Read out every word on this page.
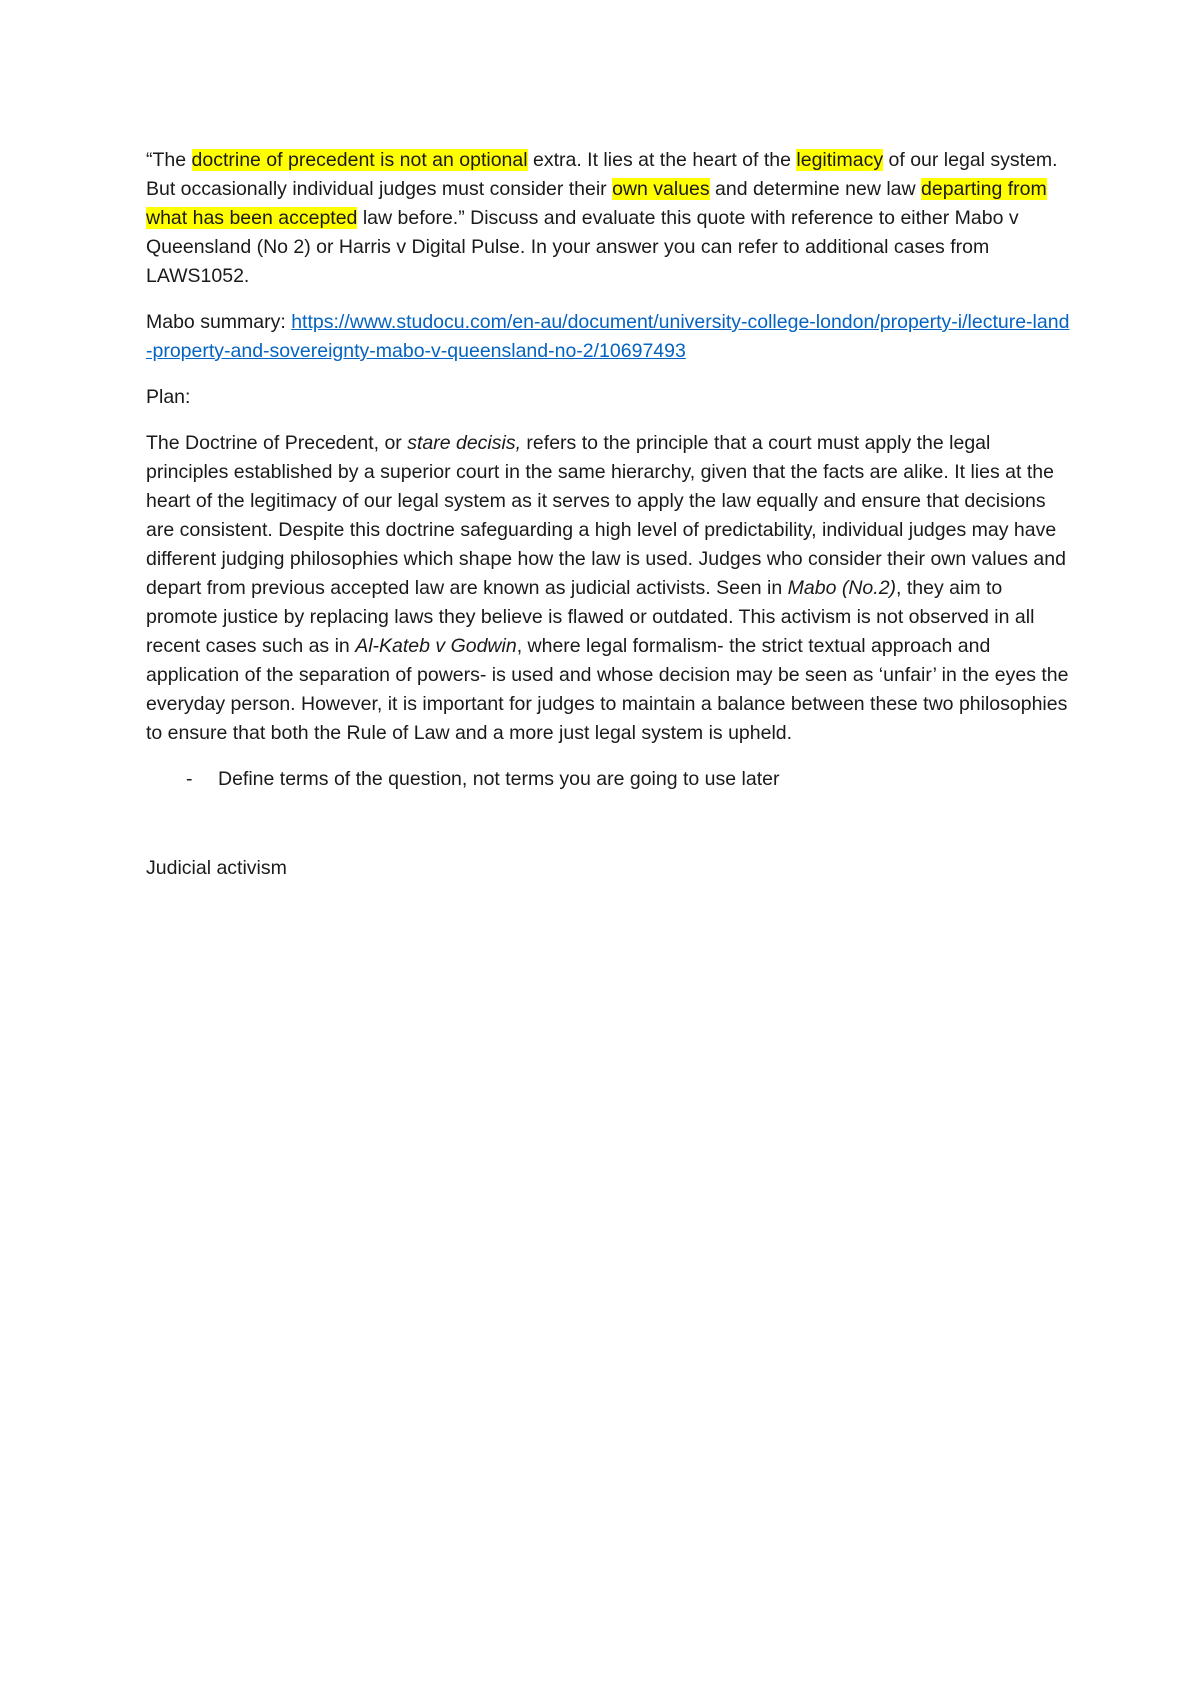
“The doctrine of precedent is not an optional extra. It lies at the heart of the legitimacy of our legal system. But occasionally individual judges must consider their own values and determine new law departing from what has been accepted law before.” Discuss and evaluate this quote with reference to either Mabo v Queensland (No 2) or Harris v Digital Pulse. In your answer you can refer to additional cases from LAWS1052.

Mabo summary: https://www.studocu.com/en-au/document/university-college-london/property-i/lecture-land-property-and-sovereignty-mabo-v-queensland-no-2/10697493

Plan:

The Doctrine of Precedent, or stare decisis, refers to the principle that a court must apply the legal principles established by a superior court in the same hierarchy, given that the facts are alike. It lies at the heart of the legitimacy of our legal system as it serves to apply the law equally and ensure that decisions are consistent. Despite this doctrine safeguarding a high level of predictability, individual judges may have different judging philosophies which shape how the law is used. Judges who consider their own values and depart from previous accepted law are known as judicial activists. Seen in Mabo (No.2), they aim to promote justice by replacing laws they believe is flawed or outdated. This activism is not observed in all recent cases such as in Al-Kateb v Godwin, where legal formalism- the strict textual approach and application of the separation of powers- is used and whose decision may be seen as ‘unfair’ in the eyes the everyday person. However, it is important for judges to maintain a balance between these two philosophies to ensure that both the Rule of Law and a more just legal system is upheld.

-	Define terms of the question, not terms you are going to use later

Judicial activism
